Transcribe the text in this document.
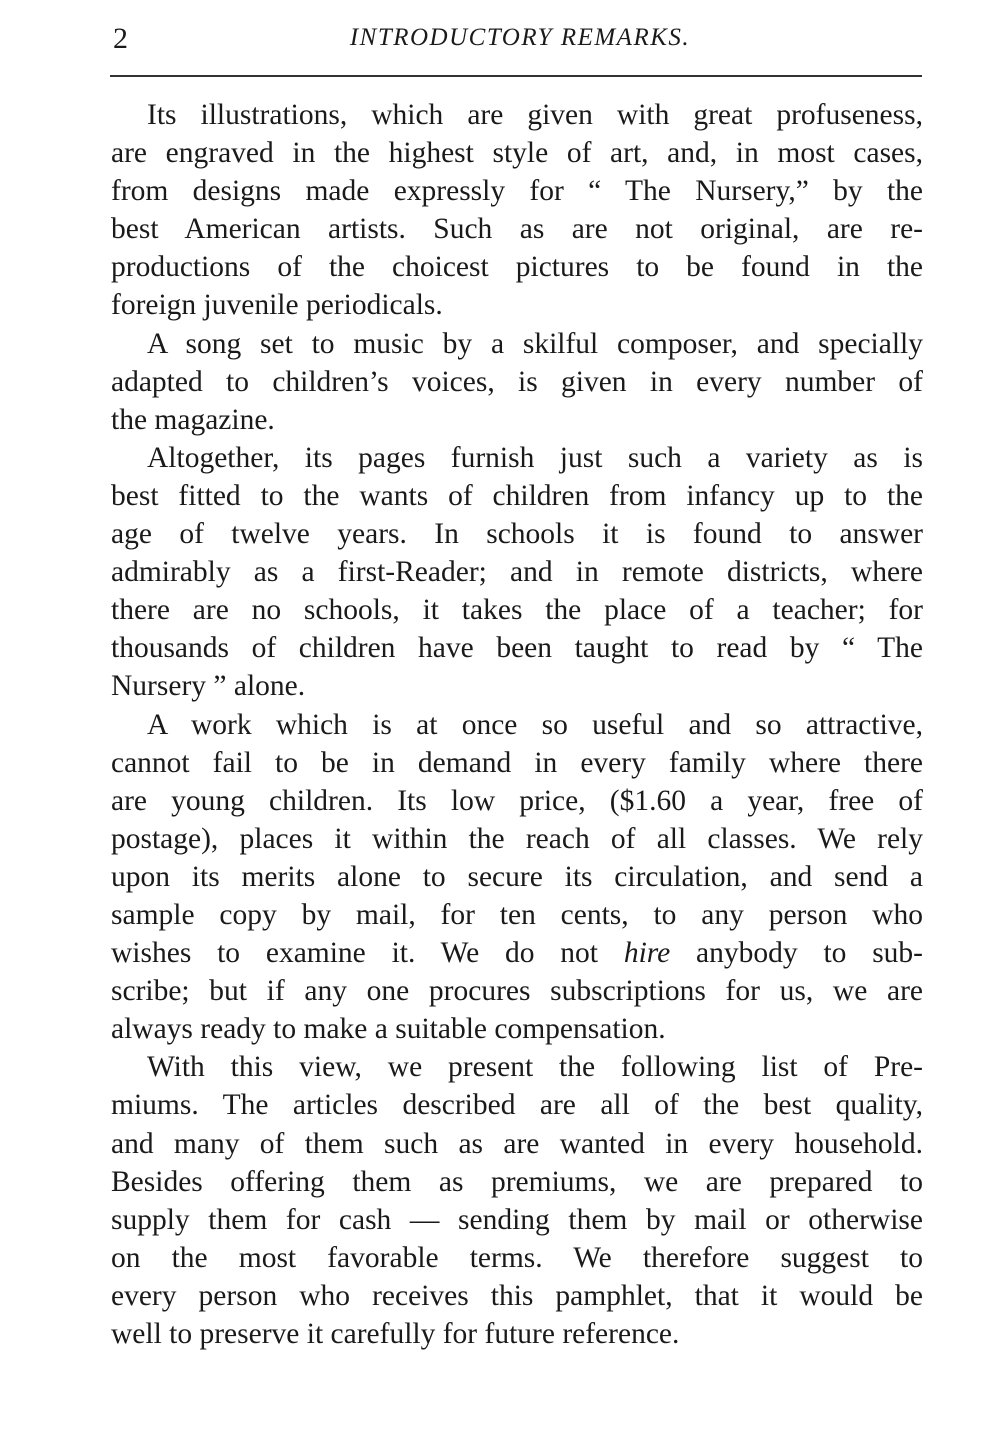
2	INTRODUCTORY REMARKS.
Its illustrations, which are given with great profuseness,
are engraved in the highest style of art, and, in most cases,
from designs made expressly for “ The Nursery,” by the
best American artists. Such as are not original, are re-
productions of the choicest pictures to be found in the
foreign juvenile periodicals.
A song set to music by a skilful composer, and specially
adapted to children’s voices, is given in every number of
the magazine.
Altogether, its pages furnish just such a variety as is
best fitted to the wants of children from infancy up to the
age of twelve years. In schools it is found to answer
admirably as a first-Reader; and in remote districts, where
there are no schools, it takes the place of a teacher; for
thousands of children have been taught to read by “ The
Nursery ” alone.
A work which is at once so useful and so attractive,
cannot fail to be in demand in every family where there
are young children. Its low price, ($1.60 a year, free of
postage), places it within the reach of all classes. We rely
upon its merits alone to secure its circulation, and send a
sample copy by mail, for ten cents, to any person who
wishes to examine it. We do not hire anybody to sub-
scribe; but if any one procures subscriptions for us, we are
always ready to make a suitable compensation.
With this view, we present the following list of Pre-
miums. The articles described are all of the best quality,
and many of them such as are wanted in every household.
Besides offering them as premiums, we are prepared to
supply them for cash — sending them by mail or otherwise
on the most favorable terms. We therefore suggest to
every person who receives this pamphlet, that it would be
well to preserve it carefully for future reference.
